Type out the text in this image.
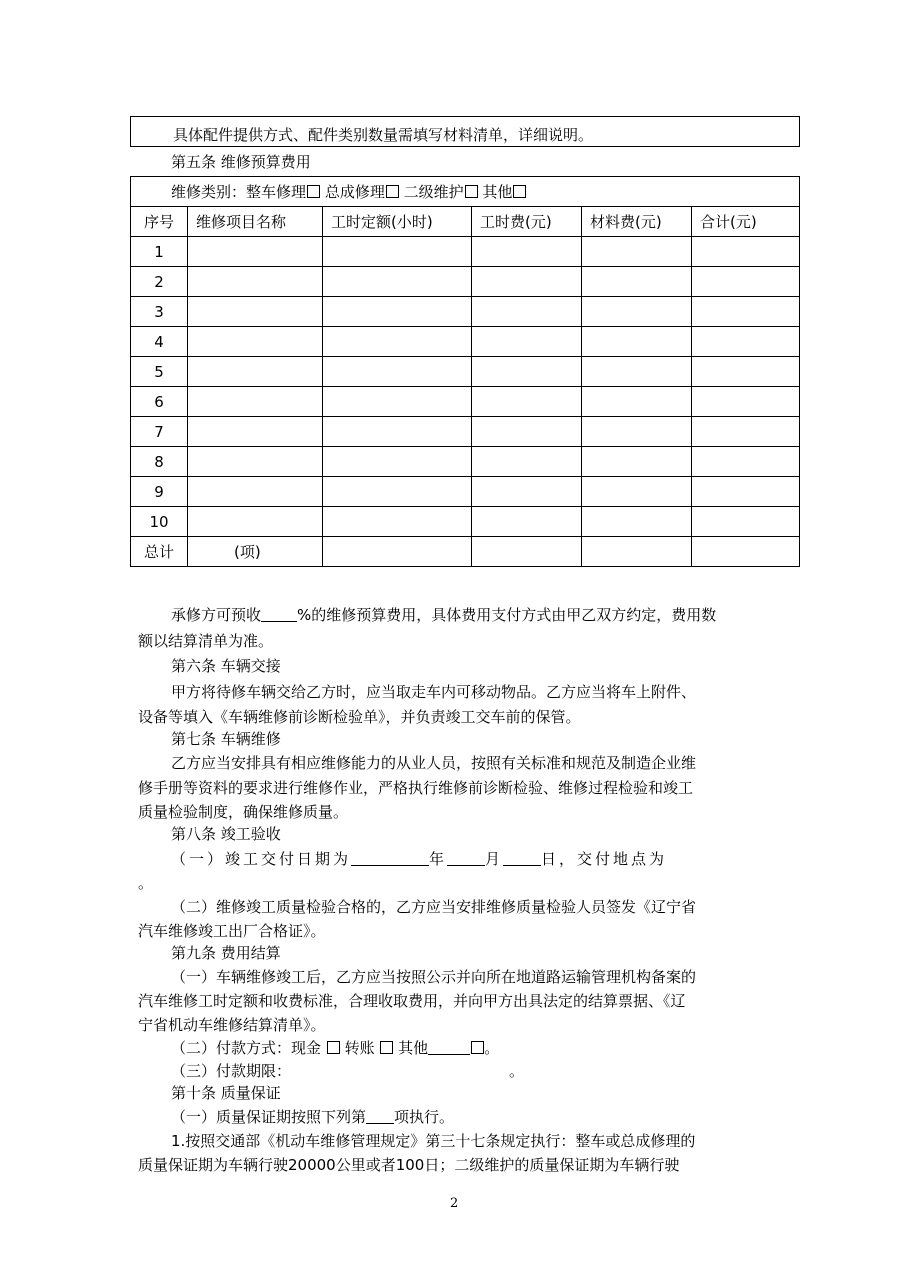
具体配件提供方式、配件类别数量需填写材料清单，详细说明。
第五条 维修预算费用
维修类别：整车修理 总成修理 二级维护 其他					
序号	维修项目名称	工时定额(小时)	工时费(元)	材料费(元)	合计(元)
1					
2					
3					
4					
5					
6					
7					
8					
9					
10					
总计	(项)				
承修方可预收 %的维修预算费用，具体费用支付方式由甲乙双方约定，费用数
额以结算清单为准。
第六条 车辆交接
甲方将待修车辆交给乙方时，应当取走车内可移动物品。乙方应当将车上附件、
设备等填入《车辆维修前诊断检验单》，并负责竣工交车前的保管。
第七条 车辆维修
乙方应当安排具有相应维修能力的从业人员，按照有关标准和规范及制造企业维
修手册等资料的要求进行维修作业，严格执行维修前诊断检验、维修过程检验和竣工
质量检验制度，确保维修质量。
第八条 竣工验收
（一）竣工交付日期为	年	月	日，交付地点为
。
（二）维修竣工质量检验合格的，乙方应当安排维修质量检验人员签发《辽宁省
汽车维修竣工出厂合格证》。
第九条 费用结算
（一）车辆维修竣工后，乙方应当按照公示并向所在地道路运输管理机构备案的
汽车维修工时定额和收费标准，合理收取费用，并向甲方出具法定的结算票据、《辽
宁省机动车维修结算清单》。
（二）付款方式：现金 转账 其他	。
（三）付款期限：	。
第十条 质量保证
（一）质量保证期按照下列第 项执行。
1.按照交通部《机动车维修管理规定》第三十七条规定执行：整车或总成修理的
质量保证期为车辆行驶20000公里或者100日；二级维护的质量保证期为车辆行驶
2
